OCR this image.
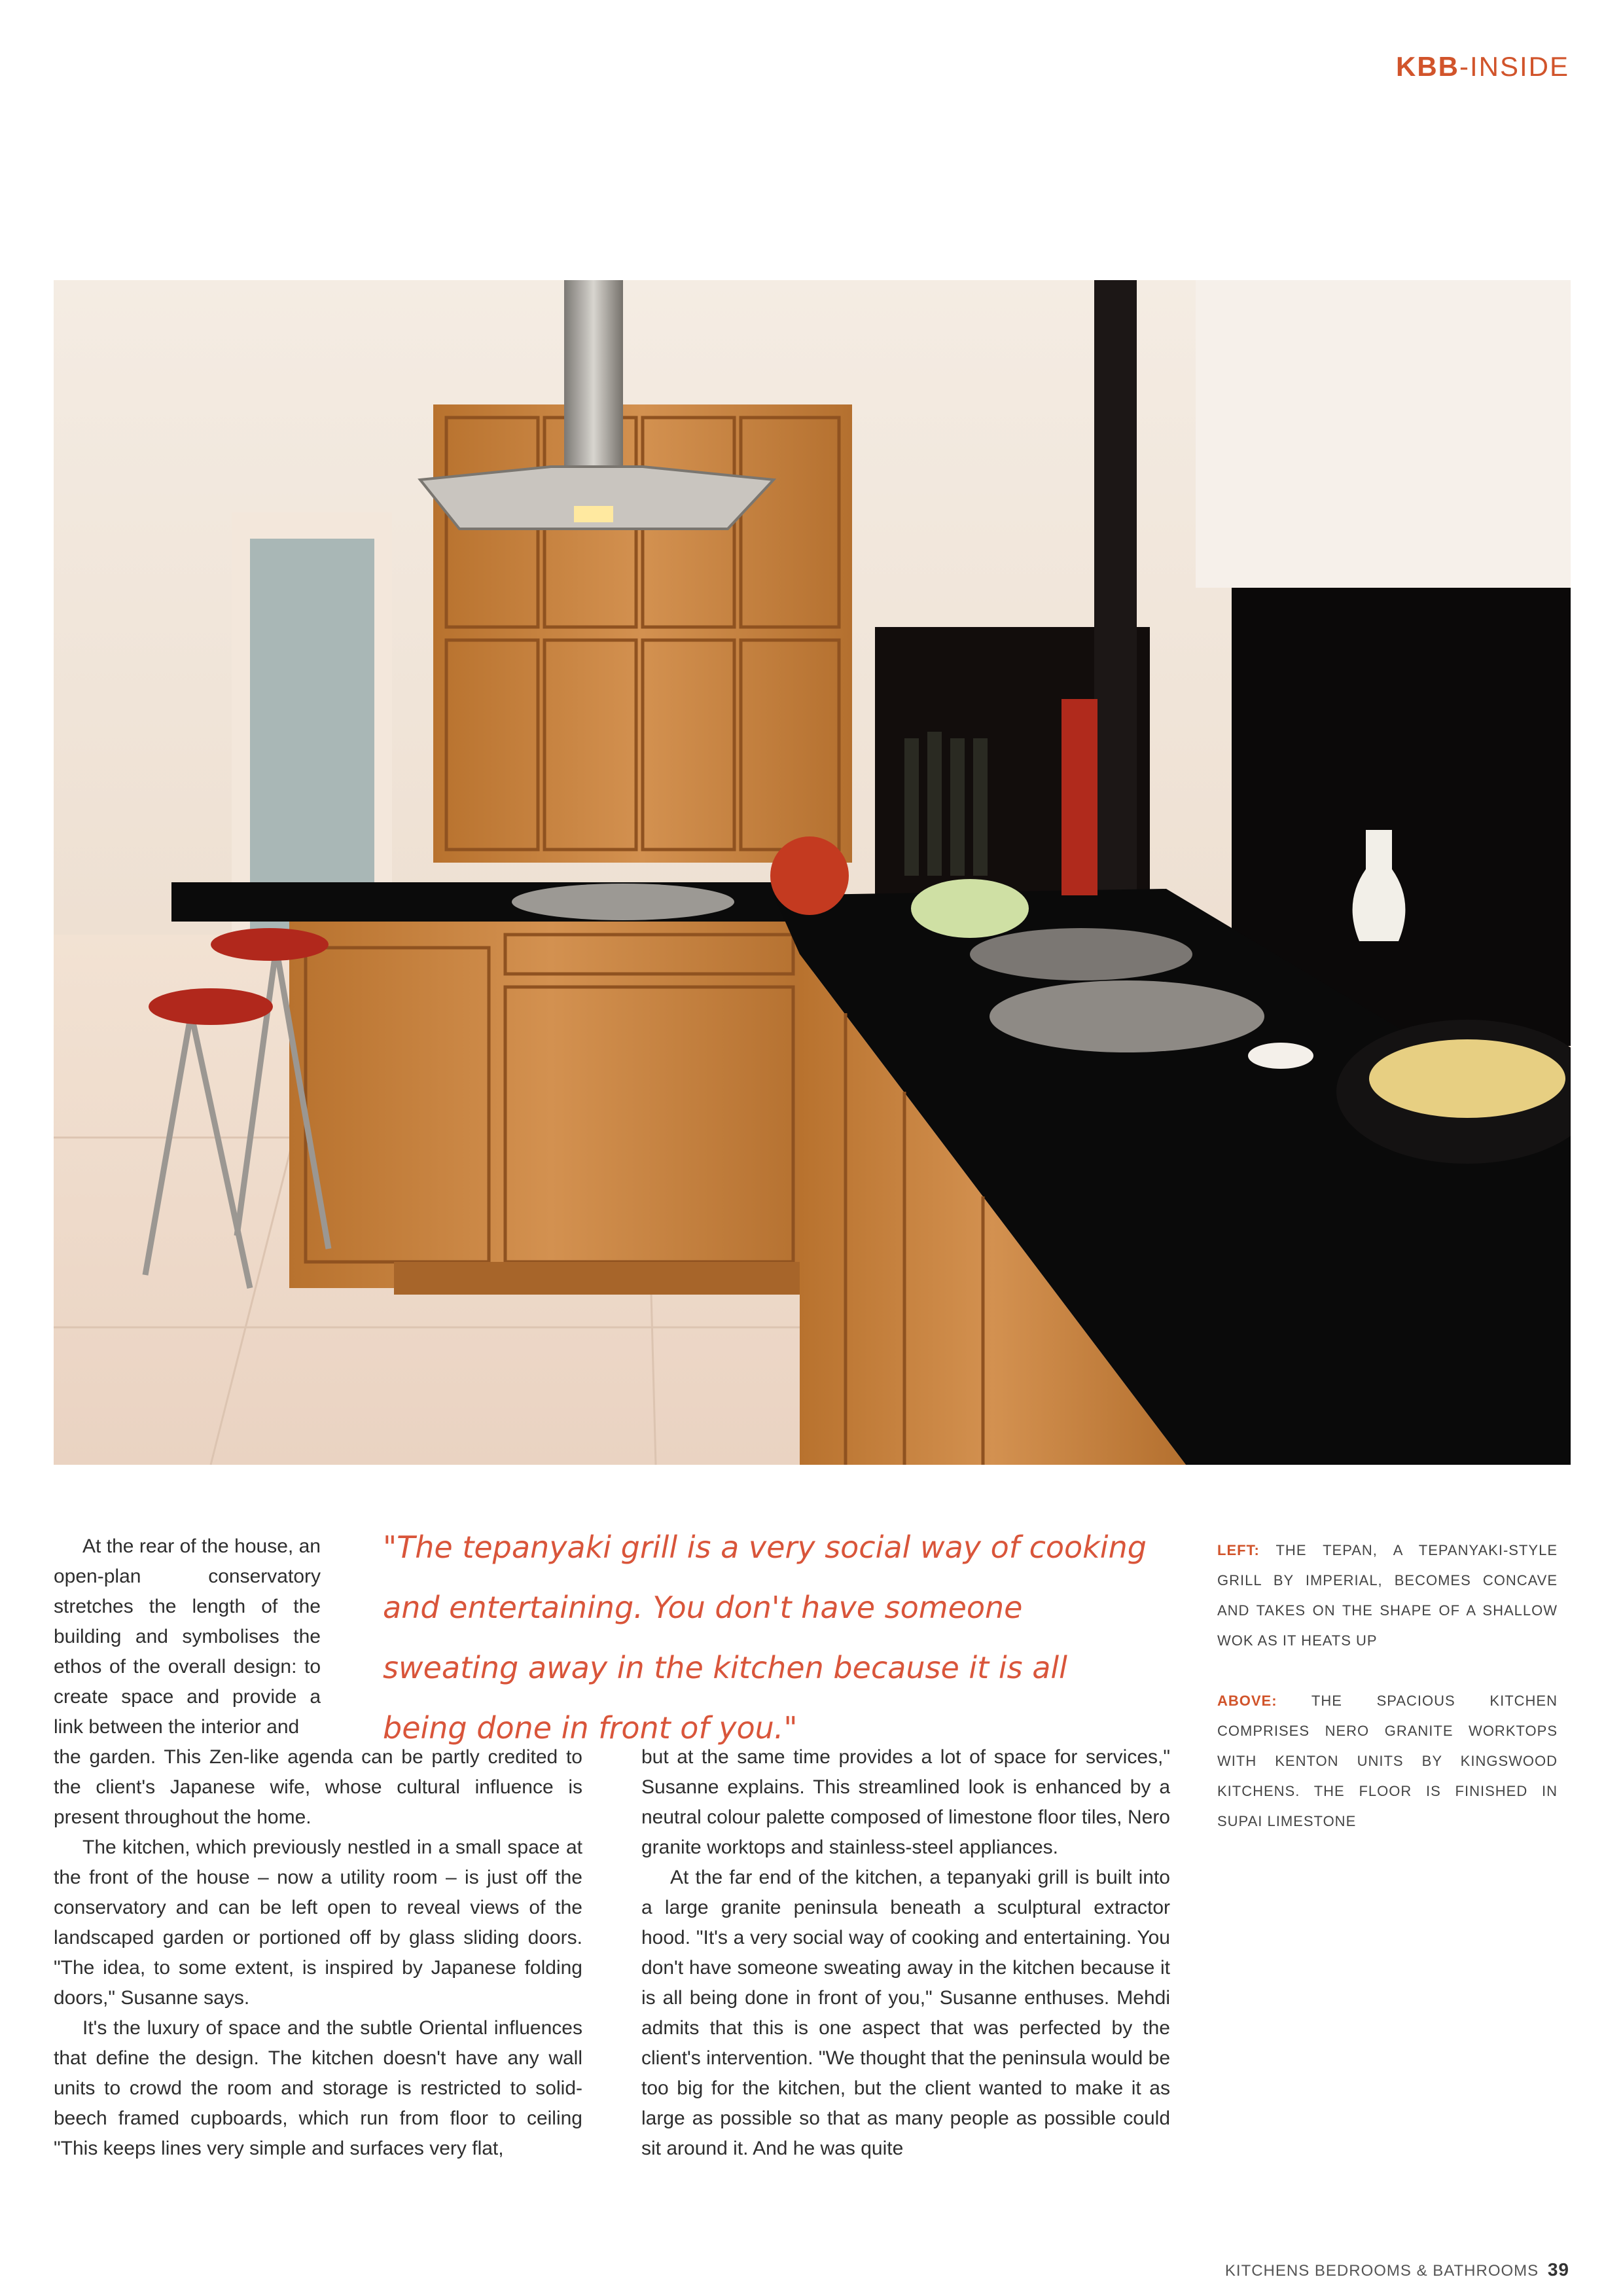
KBB-INSIDE
"The tepanyaki grill is a very social way of cooking and entertaining. You don't have someone sweating away in the kitchen because it is all being done in front of you."

At the rear of the house, an open-plan conservatory stretches the length of the building and symbolises the ethos of the overall design: to create space and provide a link between the interior and

the garden. This Zen-like agenda can be partly credited to the client's Japanese wife, whose cultural influence is present throughout the home.

The kitchen, which previously nestled in a small space at the front of the house – now a utility room – is just off the conservatory and can be left open to reveal views of the landscaped garden or portioned off by glass sliding doors. "The idea, to some extent, is inspired by Japanese folding doors," Susanne says.

It's the luxury of space and the subtle Oriental influences that define the design. The kitchen doesn't have any wall units to crowd the room and storage is restricted to solid-beech framed cupboards, which run from floor to ceiling "This keeps lines very simple and surfaces very flat,

but at the same time provides a lot of space for services," Susanne explains. This streamlined look is enhanced by a neutral colour palette composed of limestone floor tiles, Nero granite worktops and stainless-steel appliances.

At the far end of the kitchen, a tepanyaki grill is built into a large granite peninsula beneath a sculptural extractor hood. "It's a very social way of cooking and entertaining. You don't have someone sweating away in the kitchen because it is all being done in front of you," Susanne enthuses. Mehdi admits that this is one aspect that was perfected by the client's intervention. "We thought that the peninsula would be too big for the kitchen, but the client wanted to make it as large as possible so that as many people as possible could sit around it. And he was quite

LEFT: THE TEPAN, A TEPANYAKI-STYLE GRILL BY IMPERIAL, BECOMES CONCAVE AND TAKES ON THE SHAPE OF A SHALLOW WOK AS IT HEATS UP

ABOVE: THE SPACIOUS KITCHEN COMPRISES NERO GRANITE WORKTOPS WITH KENTON UNITS BY KINGSWOOD KITCHENS. THE FLOOR IS FINISHED IN SUPAI LIMESTONE

KITCHENS BEDROOMS & BATHROOMS 39
